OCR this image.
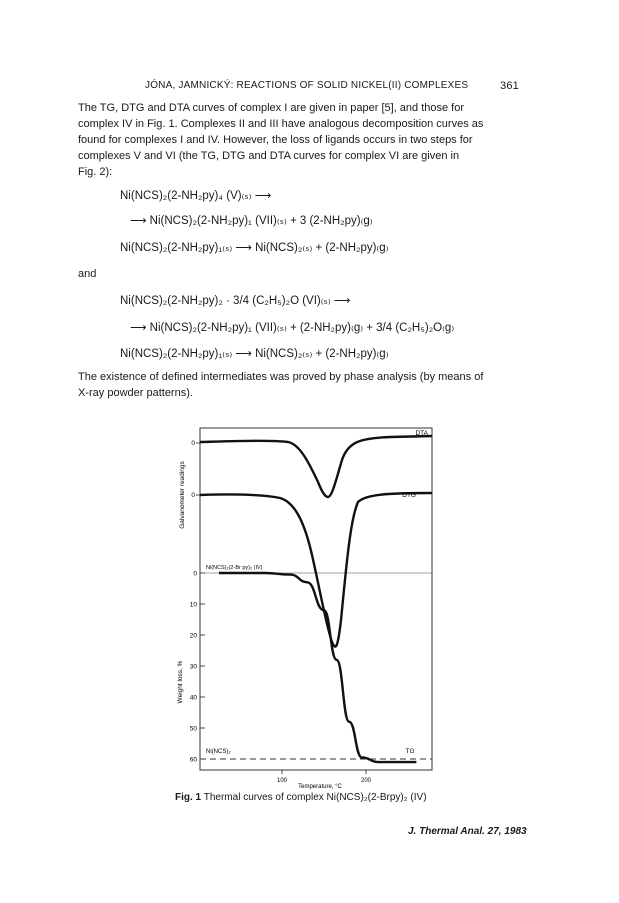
JÓNA, JAMNICKÝ: REACTIONS OF SOLID NICKEL(II) COMPLEXES	361
The TG, DTG and DTA curves of complex I are given in paper [5], and those for
complex IV in Fig. 1. Complexes II and III have analogous decomposition curves as
found for complexes I and IV. However, the loss of ligands occurs in two steps for
complexes V and VI (the TG, DTG and DTA curves for complex VI are given in
Fig. 2):
Ni(NCS)₂(2-NH₂py)₄ (V)₍ₛ₎ ⟶
⟶ Ni(NCS)₂(2-NH₂py)₁ (VII)₍ₛ₎ + 3 (2-NH₂py)₍g₎
Ni(NCS)₂(2-NH₂py)₁₍ₛ₎ ⟶ Ni(NCS)₂₍ₛ₎ + (2-NH₂py)₍g₎
and
Ni(NCS)₂(2-NH₂py)₂ · 3/4 (C₂H₅)₂O (VI)₍ₛ₎ ⟶
⟶ Ni(NCS)₂(2-NH₂py)₁ (VII)₍ₛ₎ + (2-NH₂py)₍g₎ + 3/4 (C₂H₅)₂O₍g₎
Ni(NCS)₂(2-NH₂py)₁₍ₛ₎ ⟶ Ni(NCS)₂₍ₛ₎ + (2-NH₂py)₍g₎
The existence of defined intermediates was proved by phase analysis (by means of
X-ray powder patterns).
Galvanometer readings
0
0
Weight loss, %
0
10
20
30
40
50
60
DTA
DTG
TG
Ni(NCS)₂(2-Br py)₂ (IV)
Ni(NCS)₂
100	200
Temperature, °C
Fig. 1 Thermal curves of complex Ni(NCS)₂(2-Brpy)₂ (IV)
J. Thermal Anal. 27, 1983
